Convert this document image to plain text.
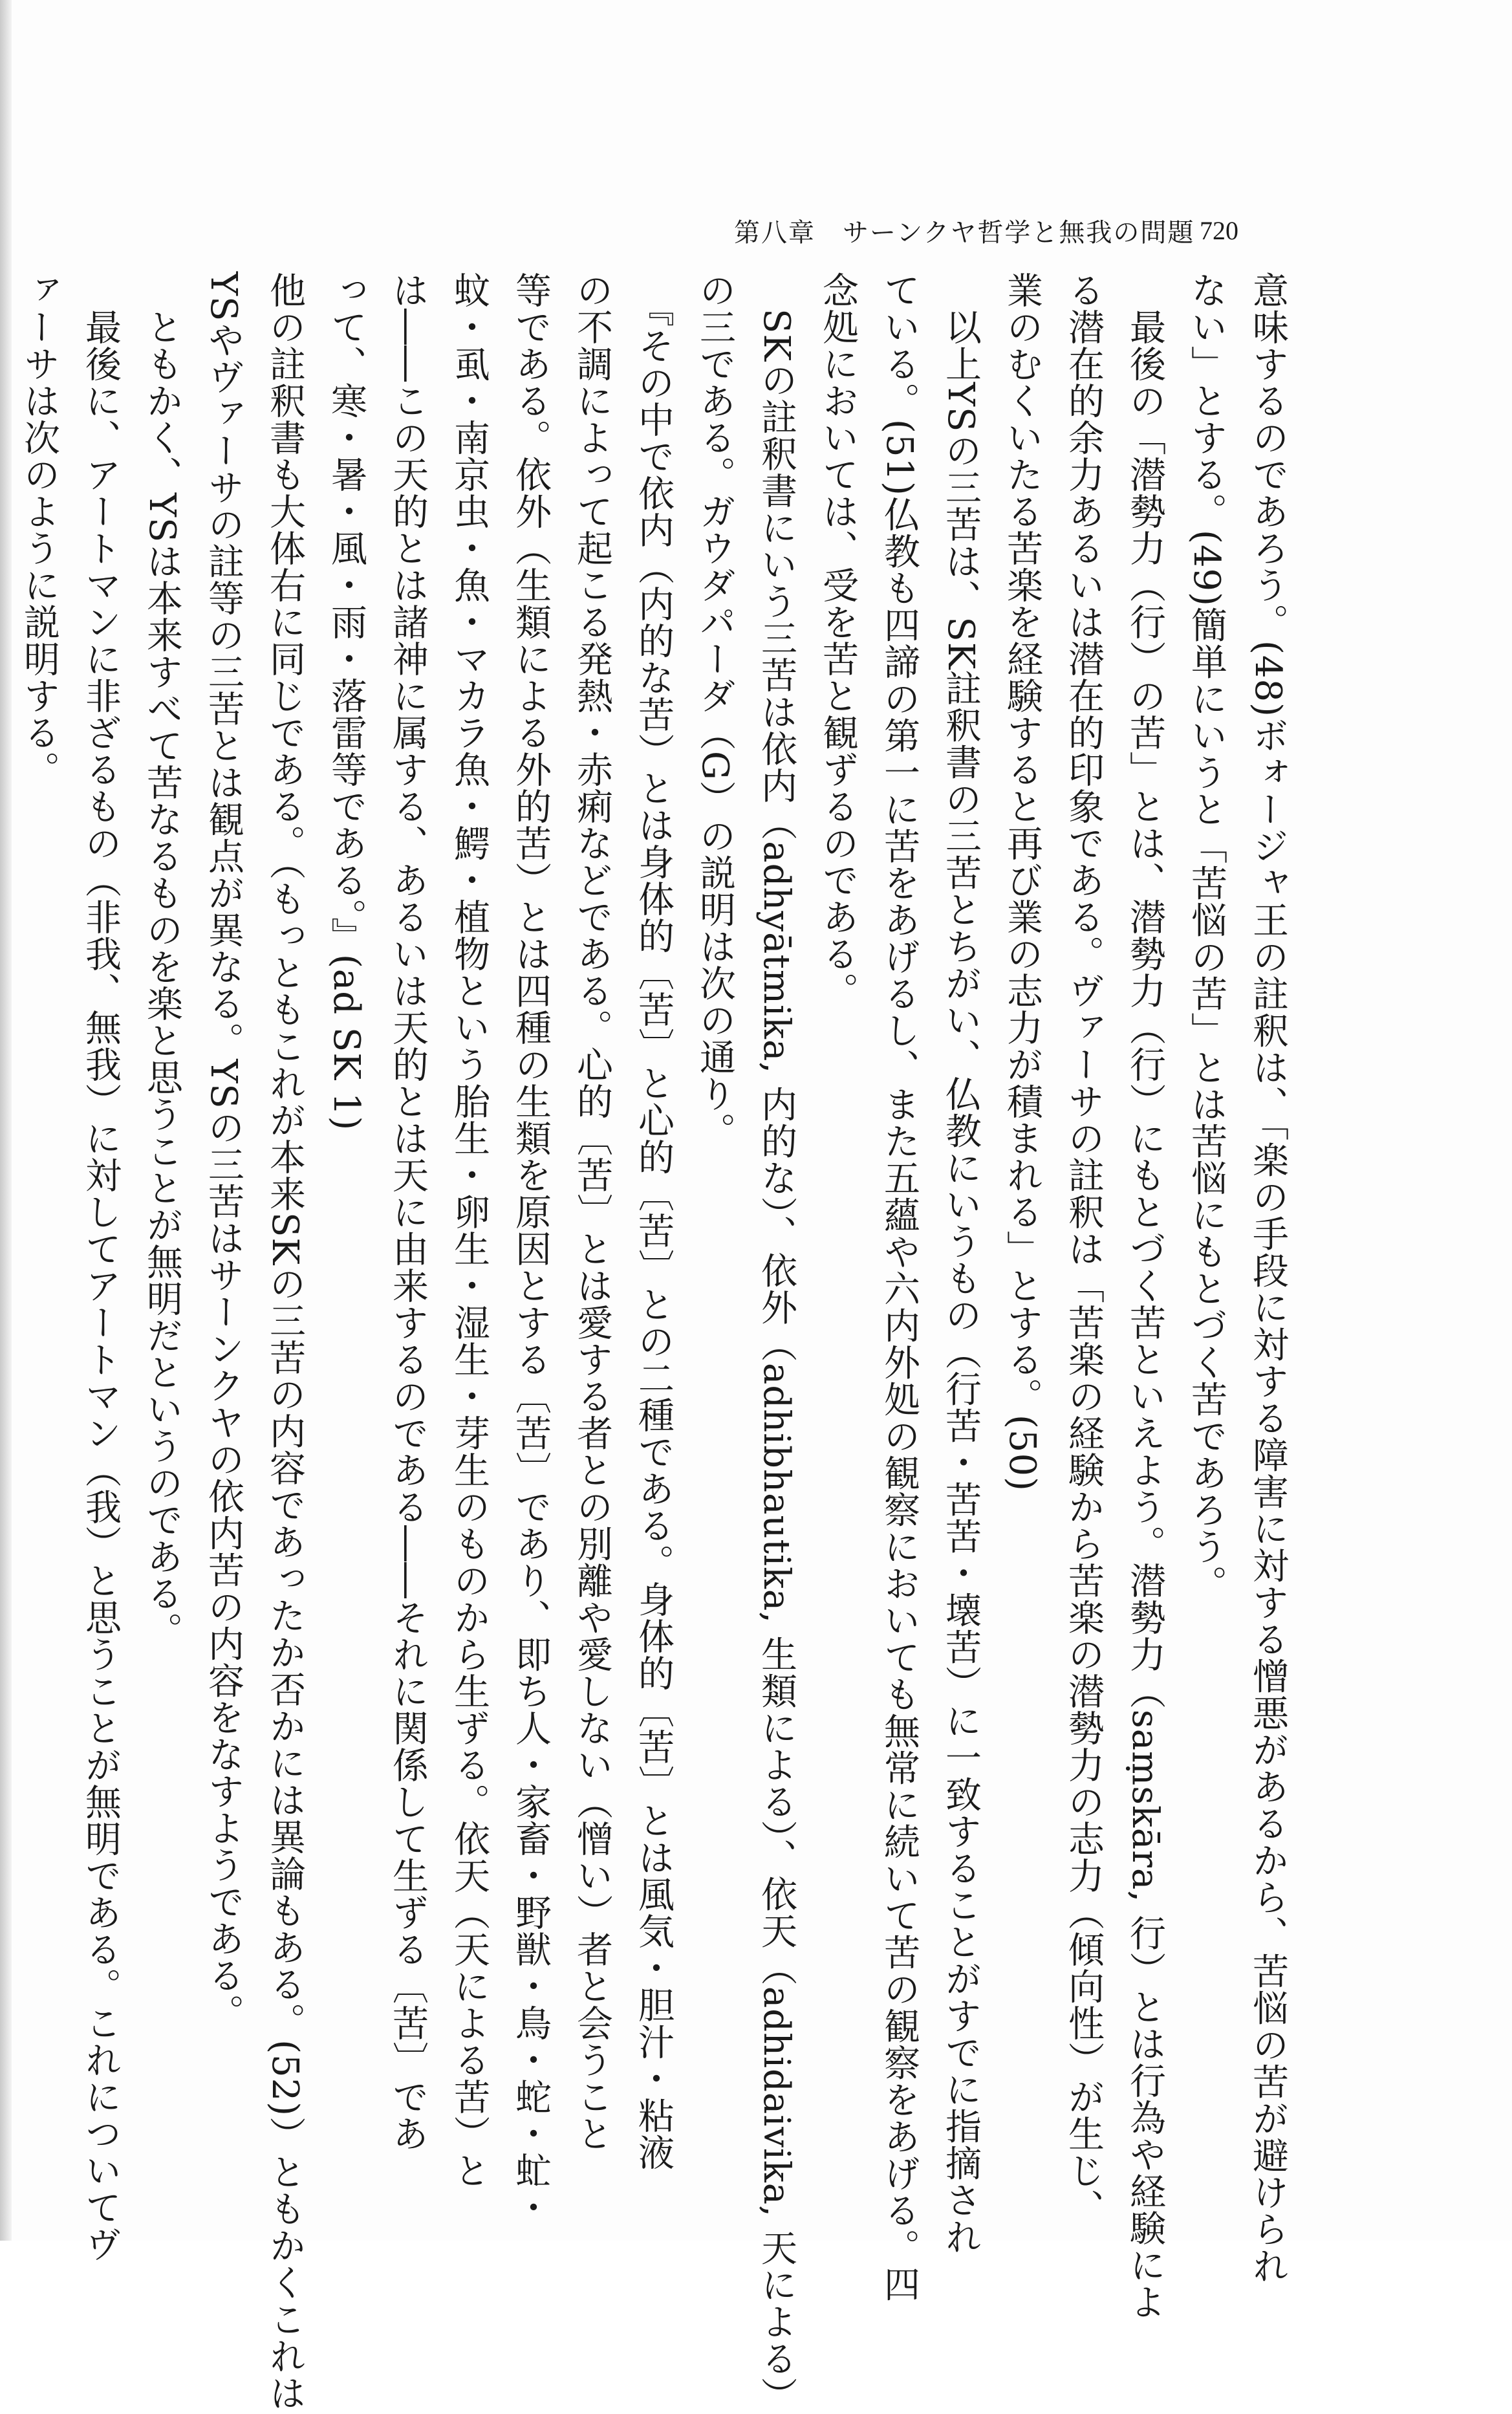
第八章　サーンクヤ哲学と無我の問題 720

意味するのであろう。(48)ボォージャ王の註釈は、「楽の手段に対する障害に対する憎悪があるから、苦悩の苦が避けられ

ない」とする。(49)簡単にいうと「苦悩の苦」とは苦悩にもとづく苦であろう。

　最後の「潜勢力（行）の苦」とは、潜勢力（行）にもとづく苦といえよう。潜勢力（saṃskāra, 行）とは行為や経験によ

る潜在的余力あるいは潜在的印象である。ヴァーサの註釈は「苦楽の経験から苦楽の潜勢力の志力（傾向性）が生じ、

業のむくいたる苦楽を経験すると再び業の志力が積まれる」とする。(50)

　以上YSの三苦は、SK註釈書の三苦とちがい、仏教にいうもの（行苦・苦苦・壊苦）に一致することがすでに指摘され

ている。(51)仏教も四諦の第一に苦をあげるし、また五蘊や六内外処の観察においても無常に続いて苦の観察をあげる。四

念処においては、受を苦と観ずるのである。

　SKの註釈書にいう三苦は依内（adhyātmika, 内的な）、依外（adhibhautika, 生類による）、依天（adhidaivika, 天による）

の三である。ガウダパーダ（G）の説明は次の通り。

　『その中で依内（内的な苦）とは身体的〔苦〕と心的〔苦〕との二種である。身体的〔苦〕とは風気・胆汁・粘液

の不調によって起こる発熱・赤痢などである。心的〔苦〕とは愛する者との別離や愛しない（憎い）者と会うこと

等である。依外（生類による外的苦）とは四種の生類を原因とする〔苦〕であり、即ち人・家畜・野獣・鳥・蛇・虻・

蚊・虱・南京虫・魚・マカラ魚・鰐・植物という胎生・卵生・湿生・芽生のものから生ずる。依天（天による苦）と

は――この天的とは諸神に属する、あるいは天的とは天に由来するのである――それに関係して生ずる〔苦〕であ

って、寒・暑・風・雨・落雷等である。』(ad SK 1)

他の註釈書も大体右に同じである。（もっともこれが本来SKの三苦の内容であったか否かには異論もある。(52)）ともかくこれは

YSやヴァーサの註等の三苦とは観点が異なる。YSの三苦はサーンクヤの依内苦の内容をなすようである。

　ともかく、YSは本来すべて苦なるものを楽と思うことが無明だというのである。

　最後に、アートマンに非ざるもの（非我、無我）に対してアートマン（我）と思うことが無明である。これについてヴ

ァーサは次のように説明する。
